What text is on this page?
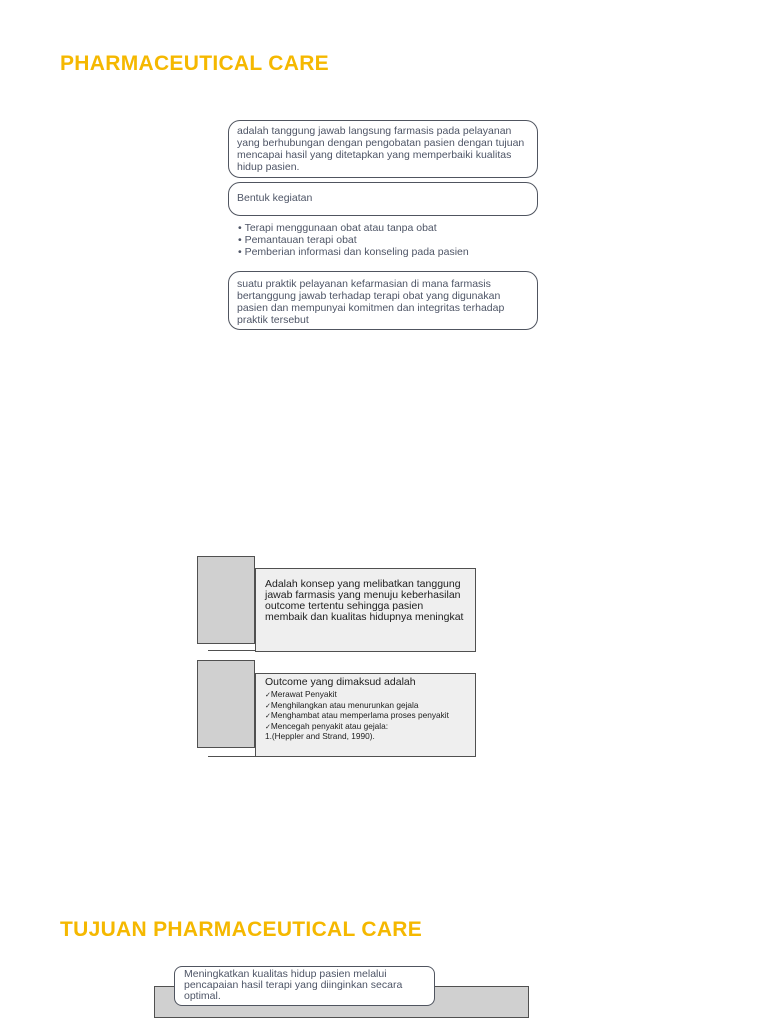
PHARMACEUTICAL CARE
adalah tanggung jawab langsung farmasis pada pelayanan yang berhubungan dengan pengobatan pasien dengan tujuan mencapai hasil yang ditetapkan yang memperbaiki kualitas hidup pasien.
Bentuk kegiatan
• Terapi menggunaan obat atau tanpa obat
• Pemantauan terapi obat
• Pemberian informasi dan konseling pada pasien
suatu praktik pelayanan kefarmasian di mana farmasis bertanggung jawab terhadap terapi obat yang digunakan pasien dan mempunyai komitmen dan integritas terhadap praktik tersebut
Adalah konsep yang melibatkan tanggung jawab farmasis yang menuju keberhasilan outcome tertentu sehingga pasien membaik dan kualitas hidupnya meningkat
Outcome yang dimaksud adalah
✓Merawat Penyakit
✓Menghilangkan atau menurunkan gejala
✓Menghambat atau memperlama proses penyakit
✓Mencegah penyakit atau gejala:
1.(Heppler and Strand, 1990).
TUJUAN PHARMACEUTICAL CARE
Meningkatkan kualitas hidup pasien melalui pencapaian hasil terapi yang diinginkan secara optimal.
